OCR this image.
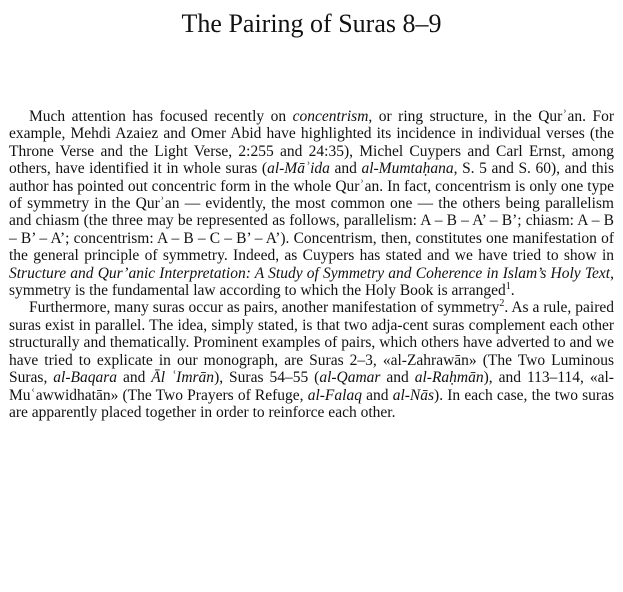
The Pairing of Suras 8–9

Much attention has focused recently on concentrism, or ring structure, in the Qurʾan. For example, Mehdi Azaiez and Omer Abid have highlighted its incidence in individual verses (the Throne Verse and the Light Verse, 2:255 and 24:35), Michel Cuypers and Carl Ernst, among others, have identified it in whole suras (al-Māʾida and al-Mumtaḥana, S. 5 and S. 60), and this author has pointed out concentric form in the whole Qurʾan. In fact, concentrism is only one type of symmetry in the Qurʾan — evidently, the most common one — the others being parallelism and chiasm (the three may be represented as follows, parallelism: A – B – A’ – B’; chiasm: A – B – B’ – A’; concentrism: A – B – C – B’ – A’). Concentrism, then, constitutes one manifestation of the general principle of symmetry. Indeed, as Cuypers has stated and we have tried to show in Structure and Qur’anic Interpretation: A Study of Symmetry and Coherence in Islam’s Holy Text, symmetry is the fundamental law according to which the Holy Book is arranged$^1$.

Furthermore, many suras occur as pairs, another manifestation of symmetry$^2$. As a rule, paired suras exist in parallel. The idea, simply stated, is that two adja-cent suras complement each other structurally and thematically. Prominent examples of pairs, which others have adverted to and we have tried to explicate in our monograph, are Suras 2–3, «al-Zahrawān» (The Two Luminous Suras, al-Baqara and Āl ʿImrān), Suras 54–55 (al-Qamar and al-Raḥmān), and 113–114, «al-Muʿawwidhatān» (The Two Prayers of Refuge, al-Falaq and al-Nās). In each case, the two suras are apparently placed together in order to reinforce each other.
